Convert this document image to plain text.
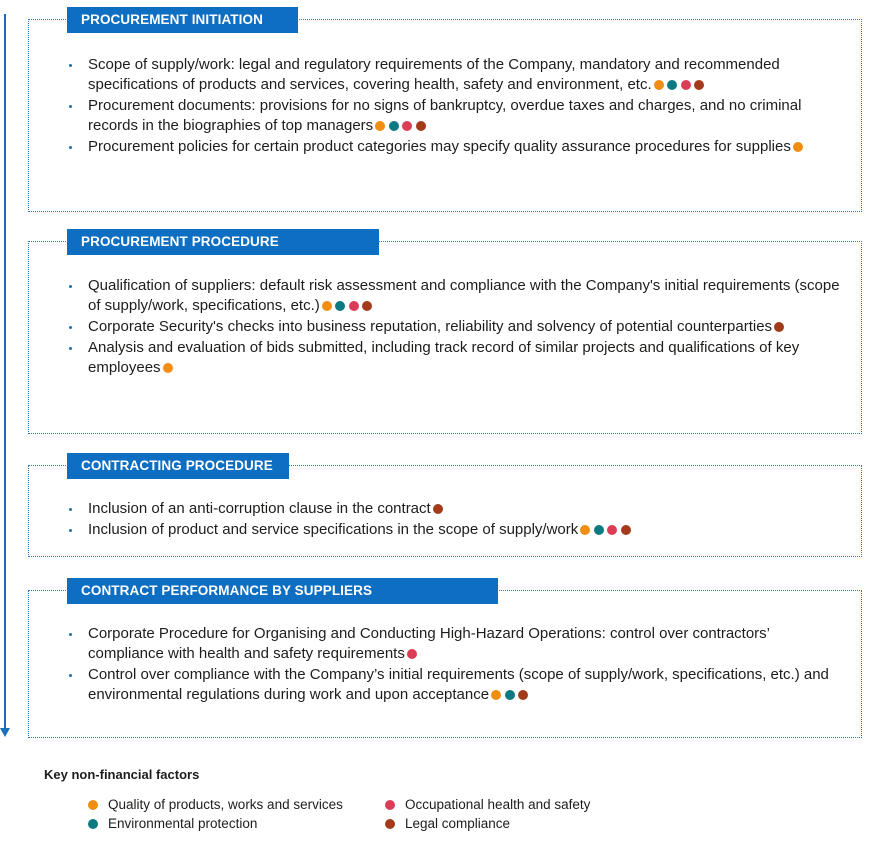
PROCUREMENT INITIATION
Scope of supply/work: legal and regulatory requirements of the Company, mandatory and recommended specifications of products and services, covering health, safety and environment, etc.
Procurement documents: provisions for no signs of bankruptcy, overdue taxes and charges, and no criminal records in the biographies of top managers
Procurement policies for certain product categories may specify quality assurance procedures for supplies
PROCUREMENT PROCEDURE
Qualification of suppliers: default risk assessment and compliance with the Company's initial requirements (scope of supply/work, specifications, etc.)
Corporate Security's checks into business reputation, reliability and solvency of potential counterparties
Analysis and evaluation of bids submitted, including track record of similar projects and qualifications of key employees
CONTRACTING PROCEDURE
Inclusion of an anti-corruption clause in the contract
Inclusion of product and service specifications in the scope of supply/work
CONTRACT PERFORMANCE BY SUPPLIERS
Corporate Procedure for Organising and Conducting High-Hazard Operations: control over contractors’ compliance with health and safety requirements
Control over compliance with the Company’s initial requirements (scope of supply/work, specifications, etc.) and environmental regulations during work and upon acceptance
Key non-financial factors
Quality of products, works and services
Environmental protection
Occupational health and safety
Legal compliance
